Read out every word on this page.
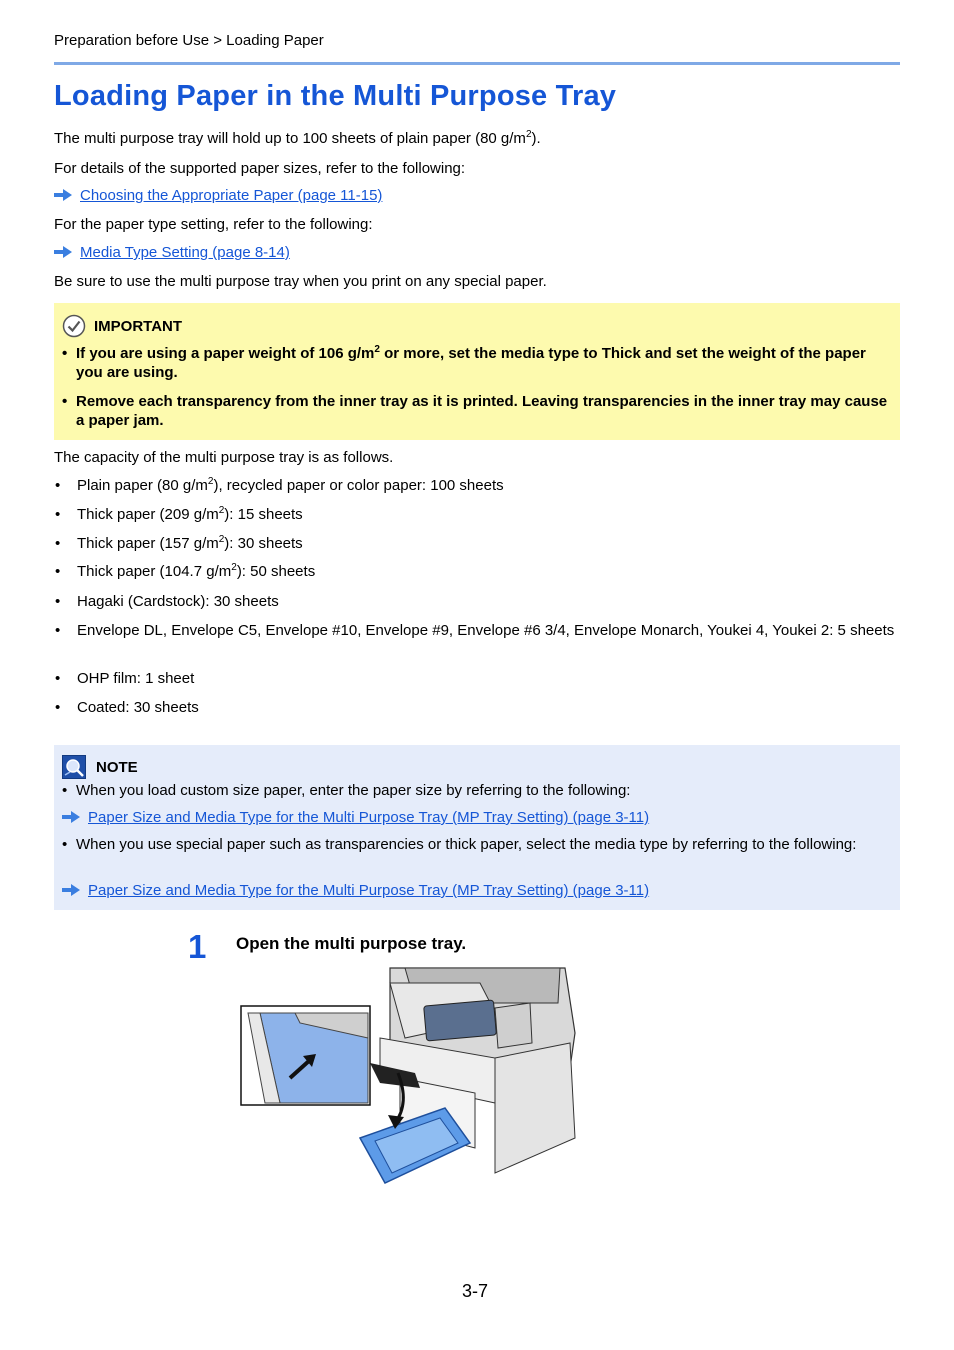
Preparation before Use > Loading Paper
Loading Paper in the Multi Purpose Tray

The multi purpose tray will hold up to 100 sheets of plain paper (80 $g/m^2$).

For details of the supported paper sizes, refer to the following:

Choosing the Appropriate Paper (page 11-15)

For the paper type setting, refer to the following:

Media Type Setting (page 8-14)

Be sure to use the multi purpose tray when you print on any special paper.

IMPORTANT
• If you are using a paper weight of 106 $g/m^2$ or more, set the media type to Thick and set the weight of the paper you are using.
• Remove each transparency from the inner tray as it is printed. Leaving transparencies in the inner tray may cause a paper jam.

The capacity of the multi purpose tray is as follows.

• Plain paper (80 $g/m^2$), recycled paper or color paper: 100 sheets
• Thick paper (209 $g/m^2$): 15 sheets
• Thick paper (157 $g/m^2$): 30 sheets
• Thick paper (104.7 $g/m^2$): 50 sheets
• Hagaki (Cardstock): 30 sheets
• Envelope DL, Envelope C5, Envelope #10, Envelope #9, Envelope #6 3/4, Envelope Monarch, Youkei 4, Youkei 2: 5 sheets
• OHP film: 1 sheet
• Coated: 30 sheets
NOTE
• When you load custom size paper, enter the paper size by referring to the following:
Paper Size and Media Type for the Multi Purpose Tray (MP Tray Setting) (page 3-11)
• When you use special paper such as transparencies or thick paper, select the media type by referring to the following:
Paper Size and Media Type for the Multi Purpose Tray (MP Tray Setting) (page 3-11)
1 Open the multi purpose tray.
3-7
